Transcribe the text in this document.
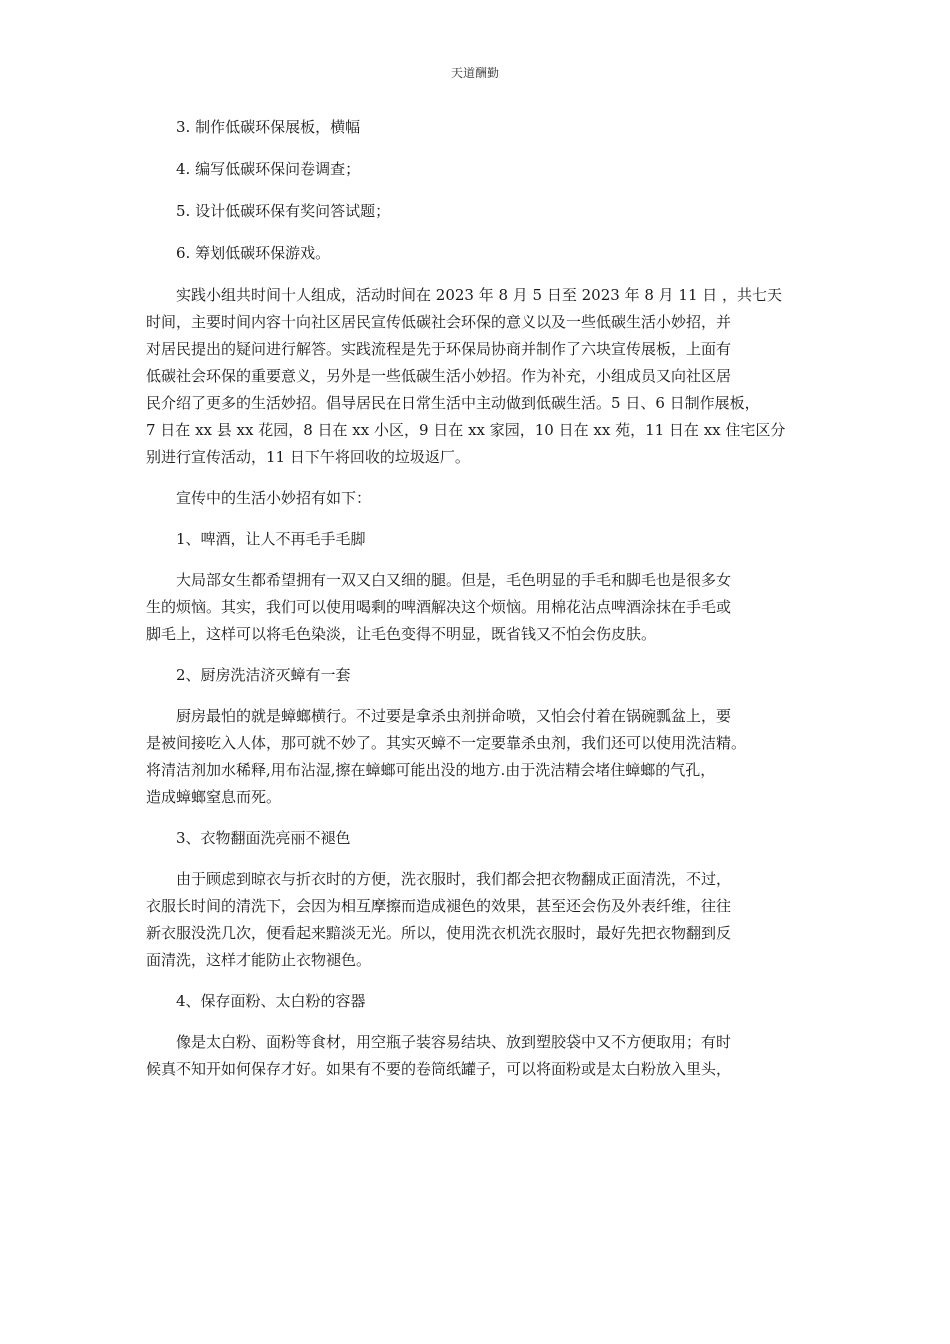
天道酬勤
3. 制作低碳环保展板，横幅
4. 编写低碳环保问卷调查；
5. 设计低碳环保有奖问答试题；
6. 筹划低碳环保游戏。
实践小组共时间十人组成，活动时间在 2023 年 8 月 5 日至 2023 年 8 月 11 日 ，共七天
时间，主要时间内容十向社区居民宣传低碳社会环保的意义以及一些低碳生活小妙招，并
对居民提出的疑问进行解答。实践流程是先于环保局协商并制作了六块宣传展板，上面有
低碳社会环保的重要意义，另外是一些低碳生活小妙招。作为补充，小组成员又向社区居
民介绍了更多的生活妙招。倡导居民在日常生活中主动做到低碳生活。5 日、6 日制作展板，
7 日在 xx 县 xx 花园，8 日在 xx 小区，9 日在 xx 家园，10 日在 xx 苑，11 日在 xx 住宅区分
别进行宣传活动，11 日下午将回收的垃圾返厂。
宣传中的生活小妙招有如下：
1、啤酒，让人不再毛手毛脚
大局部女生都希望拥有一双又白又细的腿。但是，毛色明显的手毛和脚毛也是很多女
生的烦恼。其实，我们可以使用喝剩的啤酒解决这个烦恼。用棉花沾点啤酒涂抹在手毛或
脚毛上，这样可以将毛色染淡，让毛色变得不明显，既省钱又不怕会伤皮肤。
2、厨房洗洁济灭蟑有一套
厨房最怕的就是蟑螂横行。不过要是拿杀虫剂拼命喷，又怕会付着在锅碗瓢盆上，要
是被间接吃入人体，那可就不妙了。其实灭蟑不一定要靠杀虫剂，我们还可以使用洗洁精。
将清洁剂加水稀释,用布沾湿,擦在蟑螂可能出没的地方.由于洗洁精会堵住蟑螂的气孔，
造成蟑螂窒息而死。
3、衣物翻面洗亮丽不褪色
由于顾虑到晾衣与折衣时的方便，洗衣服时，我们都会把衣物翻成正面清洗，不过，
衣服长时间的清洗下，会因为相互摩擦而造成褪色的效果，甚至还会伤及外表纤维，往往
新衣服没洗几次，便看起来黯淡无光。所以，使用洗衣机洗衣服时，最好先把衣物翻到反
面清洗，这样才能防止衣物褪色。
4、保存面粉、太白粉的容器
像是太白粉、面粉等食材，用空瓶子装容易结块、放到塑胶袋中又不方便取用；有时
候真不知开如何保存才好。如果有不要的卷筒纸罐子，可以将面粉或是太白粉放入里头，
